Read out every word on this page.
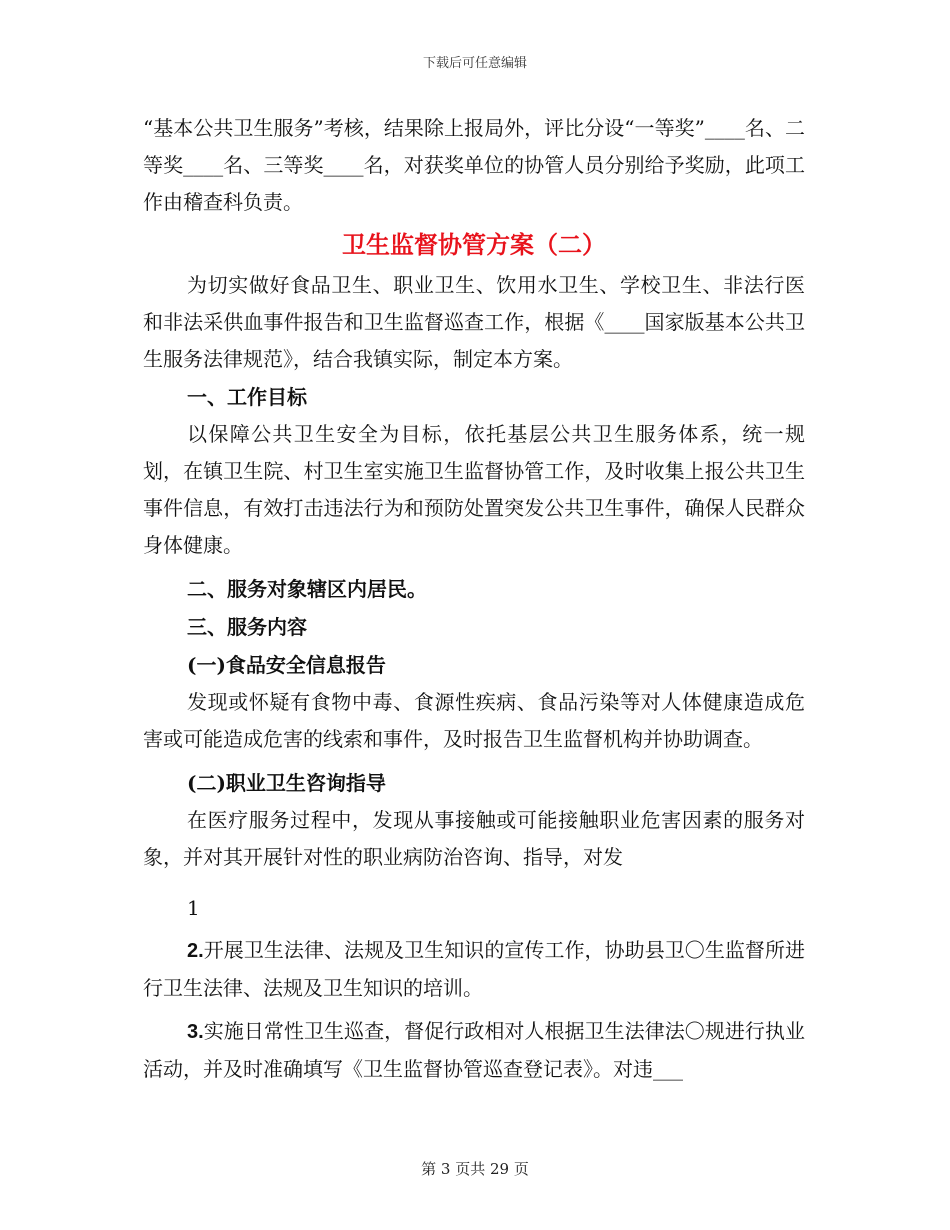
下载后可任意编辑

“基本公共卫生服务”考核，结果除上报局外，评比分设“一等奖”____名、二等奖____名、三等奖____名，对获奖单位的协管人员分别给予奖励，此项工作由稽查科负责。

卫生监督协管方案（二）

为切实做好食品卫生、职业卫生、饮用水卫生、学校卫生、非法行医和非法采供血事件报告和卫生监督巡查工作，根据《____国家版基本公共卫生服务法律规范》，结合我镇实际，制定本方案。

一、工作目标

以保障公共卫生安全为目标，依托基层公共卫生服务体系，统一规划，在镇卫生院、村卫生室实施卫生监督协管工作，及时收集上报公共卫生事件信息，有效打击违法行为和预防处置突发公共卫生事件，确保人民群众身体健康。

二、服务对象辖区内居民。

三、服务内容

(一)食品安全信息报告

发现或怀疑有食物中毒、食源性疾病、食品污染等对人体健康造成危害或可能造成危害的线索和事件，及时报告卫生监督机构并协助调查。

(二)职业卫生咨询指导

在医疗服务过程中，发现从事接触或可能接触职业危害因素的服务对象，并对其开展针对性的职业病防治咨询、指导，对发

1

2.开展卫生法律、法规及卫生知识的宣传工作，协助县卫〇生监督所进行卫生法律、法规及卫生知识的培训。

3.实施日常性卫生巡查，督促行政相对人根据卫生法律法〇规进行执业活动，并及时准确填写《卫生监督协管巡查登记表》。对违___

第 3 页共 29 页
